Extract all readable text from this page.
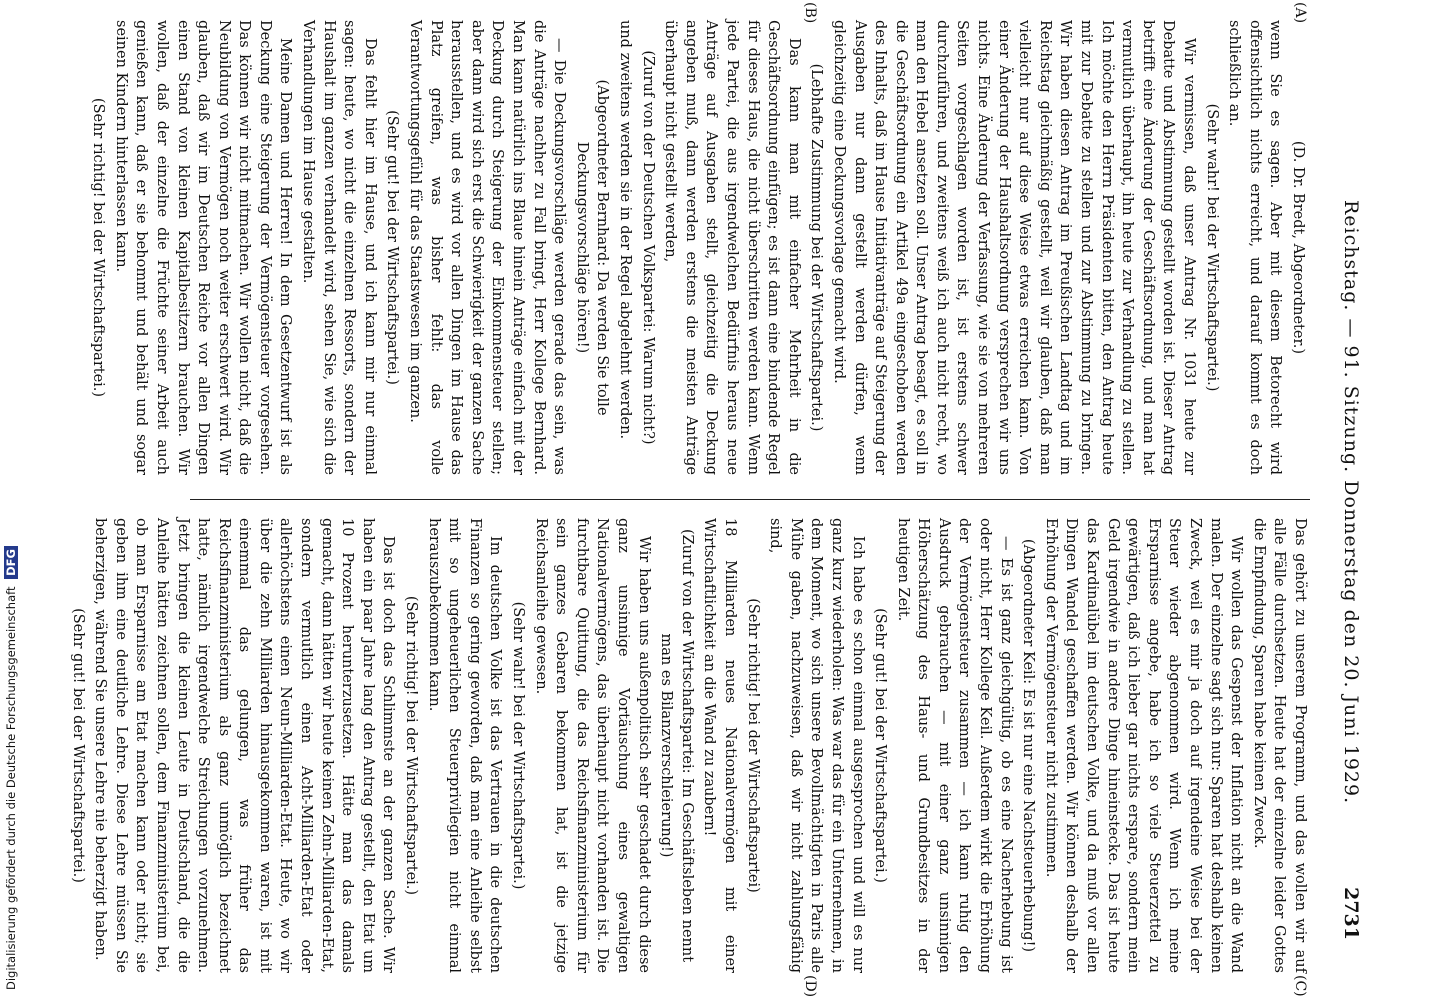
Reichstag. — 91. Sitzung. Donnerstag den 20. Juni 1929.
2731

(D. Dr. Bredt, Abgeordneter.)

wenn Sie es sagen. Aber mit diesem Betorecht wird offensichtlich nichts erreicht, und darauf kommt es doch schließlich an.

(Sehr wahr! bei der Wirtschaftspartei.)

Wir vermissen, daß unser Antrag Nr. 1031 heute zur Debatte und Abstimmung gestellt worden ist. Dieser Antrag betrifft eine Änderung der Geschäftsordnung, und man hat vermutlich überhaupt, ihn heute zur Verhandlung zu stellen. Ich möchte den Herrn Präsidenten bitten, den Antrag heute mit zur Debatte zu stellen und zur Abstimmung zu bringen. Wir haben diesen Antrag im Preußischen Landtag und im Reichstag gleichmäßig gestellt, weil wir glauben, daß man vielleicht nur auf diese Weise etwas erreichen kann. Von einer Änderung der Haushaltsordnung versprechen wir uns nichts. Eine Änderung der Verfassung, wie sie von mehreren Seiten vorgeschlagen worden ist, ist erstens schwer durchzuführen, und zweitens weiß ich auch nicht recht, wo man den Hebel ansetzen soll. Unser Antrag besagt, es soll in die Geschäftsordnung ein Artikel 49a eingeschoben werden des Inhalts, daß im Hause Initiativanträge auf Steigerung der Ausgaben nur dann gestellt werden dürfen, wenn gleichzeitig eine Deckungsvorlage gemacht wird.

(Lebhafte Zustimmung bei der Wirtschaftspartei.)

Das kann man mit einfacher Mehrheit in die Geschäftsordnung einfügen; es ist dann eine bindende Regel für dieses Haus, die nicht überschritten werden kann. Wenn jede Partei, die aus irgendwelchen Bedürfnis heraus neue Anträge auf Ausgaben stellt, gleichzeitig die Deckung angeben muß, dann werden erstens die meisten Anträge überhaupt nicht gestellt werden,

(Zuruf von der Deutschen Volkspartei: Warum nicht?)

und zweitens werden sie in der Regel abgelehnt werden.

(Abgeordneter Bernhard: Da werden Sie tolle Deckungsvorschläge hören!)

— Die Deckungsvorschläge werden gerade das sein, was die Anträge nachher zu Fall bringt, Herr Kollege Bernhard. Man kann natürlich ins Blaue hinein Anträge einfach mit der Deckung durch Steigerung der Einkommensteuer stellen; aber dann wird sich erst die Schwierigkeit der ganzen Sache herausstellen, und es wird vor allen Dingen im Hause das Platz greifen, was bisher fehlt: das volle Verantwortungsgefühl für das Staatswesen im ganzen.

(Sehr gut! bei der Wirtschaftspartei.)

Das fehlt hier im Hause, und ich kann mir nur einmal sagen: heute, wo nicht die einzelnen Ressorts, sondern der Haushalt im ganzen verhandelt wird, sehen Sie, wie sich die Verhandlungen im Hause gestalten.

Meine Damen und Herren! In dem Gesetzentwurf ist als Deckung eine Steigerung der Vermögensteuer vorgesehen. Das können wir nicht mitmachen. Wir wollen nicht, daß die Neubildung von Vermögen noch weiter erschwert wird. Wir glauben, daß wir im Deutschen Reiche vor allen Dingen einen Stand von kleinen Kapitalbesitzern brauchen. Wir wollen, daß der einzelne die Früchte seiner Arbeit auch genießen kann, daß er sie behommt und behält und sogar seinen Kindern hinterlassen kann.

(Sehr richtig! bei der Wirtschaftspartei.)

Das gehört zu unserem Programm, und das wollen wir auf alle Fälle durchsetzen. Heute hat der einzelne leider Gottes die Empfindung, Sparen habe keinen Zweck.

Wir wollen das Gespenst der Inflation nicht an die Wand malen. Der einzelne sagt sich nur: Sparen hat deshalb keinen Zweck, weil es mir ja doch auf irgendeine Weise bei der Steuer wieder abgenommen wird. Wenn ich meine Ersparnisse angebe, habe ich so viele Steuerzettel zu gewärtigen, daß ich lieber gar nichts erspare, sondern mein Geld irgendwie in andere Dinge hineinstecke. Das ist heute das Kardinalübel im deutschen Volke, und da muß vor allen Dingen Wandel geschaffen werden. Wir können deshalb der Erhöhung der Vermögensteuer nicht zustimmen.

(Abgeordneter Keil: Es ist nur eine Nachsteuerhebung!)

— Es ist ganz gleichgültig, ob es eine Nacherhebung ist oder nicht, Herr Kollege Keil. Außerdem wirkt die Erhöhung der Vermögensteuer zusammen — ich kann ruhig den Ausdruck gebrauchen — mit einer ganz unsinnigen Höherschätzung des Haus- und Grundbesitzes in der heutigen Zeit.

(Sehr gut! bei der Wirtschaftspartei.)

Ich habe es schon einmal ausgesprochen und will es nur ganz kurz wiederholen: Was war das für ein Unternehmen, in dem Moment, wo sich unsere Bevollmächtigten in Paris alle Mühe gaben, nachzuweisen, daß wir nicht zahlungsfähig sind,

(Sehr richtig! bei der Wirtschaftspartei)

18 Milliarden neues Nationalvermögen mit einer Wirtschaftlichkeit an die Wand zu zaubern!

(Zuruf von der Wirtschaftspartei: Im Geschäftsleben nennt man es Bilanzverschleierung!)

Wir haben uns außenpolitisch sehr geschadet durch diese ganz unsinnige Vortäuschung eines gewaltigen Nationalvermögens, das überhaupt nicht vorhanden ist. Die furchtbare Quittung, die das Reichsfinanzministerium für sein ganzes Gebaren bekommen hat, ist die jetzige Reichsanleihe gewesen.

(Sehr wahr! bei der Wirtschaftspartei.)

Im deutschen Volke ist das Vertrauen in die deutschen Finanzen so gering geworden, daß man eine Anleihe selbst mit so ungeheuerlichen Steuerprivilegien nicht einmal herauszubekommen kann.

(Sehr richtig! bei der Wirtschaftspartei.)

Das ist doch das Schlimmste an der ganzen Sache. Wir haben ein paar Jahre lang den Antrag gestellt, den Etat um 10 Prozent herunterzusetzen. Hätte man das damals gemacht, dann hätten wir heute keinen Zehn-Milliarden-Etat, sondern vermutlich einen Acht-Milliarden-Etat oder allerhöchstens einen Neun-Milliarden-Etat. Heute, wo wir über die zehn Milliarden hinausgekommen waren, ist mit einemmal das gelungen, was früher das Reichsfinanzministerium als ganz unmöglich bezeichnet hatte, nämlich irgendwelche Streichungen vorzunehmen. Jetzt bringen die kleinen Leute in Deutschland, die die Anleihe hätten zeichnen sollen, dem Finanzministerium bei, ob man Ersparnisse am Etat machen kann oder nicht; sie geben ihm eine deutliche Lehre. Diese Lehre müssen Sie beherzigen, während Sie unsere Lehre nie beherzigt haben.

(Sehr gut! bei der Wirtschaftspartei.)

(A)
(B)
(C)
(D)
Digitalisierung gefördert durch die Deutsche Forschungsgemeinschaft DFG
